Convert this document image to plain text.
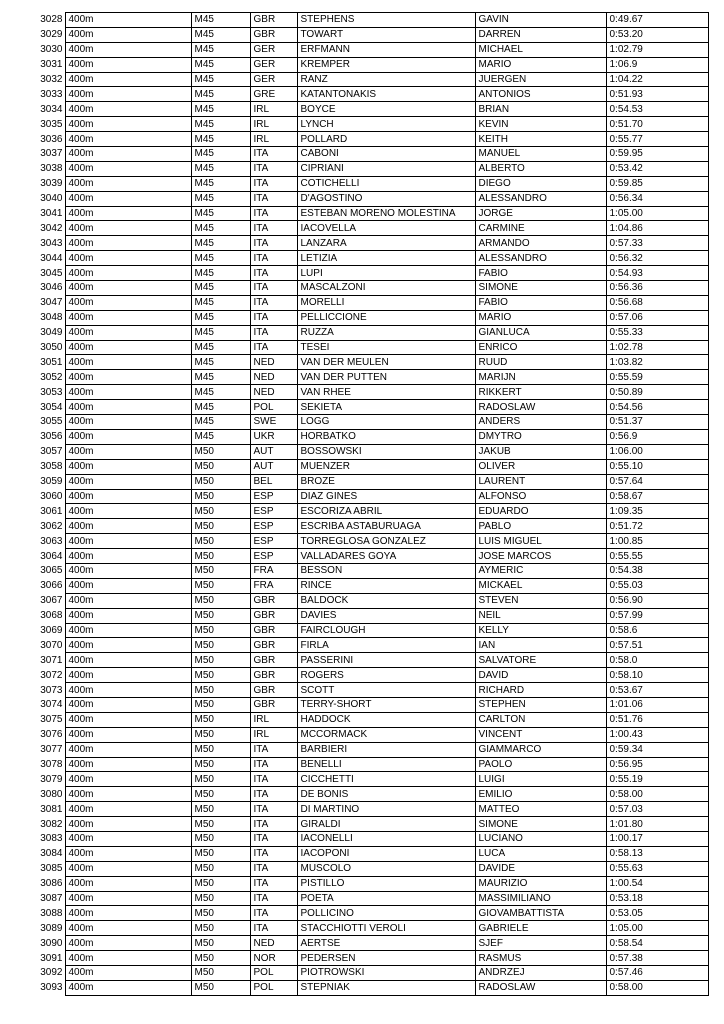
3028	400m	M45	GBR	STEPHENS	GAVIN	0:49.67
3029	400m	M45	GBR	TOWART	DARREN	0:53.20
3030	400m	M45	GER	ERFMANN	MICHAEL	1:02.79
3031	400m	M45	GER	KREMPER	MARIO	1:06.9
3032	400m	M45	GER	RANZ	JUERGEN	1:04.22
3033	400m	M45	GRE	KATANTONAKIS	ANTONIOS	0:51.93
3034	400m	M45	IRL	BOYCE	BRIAN	0:54.53
3035	400m	M45	IRL	LYNCH	KEVIN	0:51.70
3036	400m	M45	IRL	POLLARD	KEITH	0:55.77
3037	400m	M45	ITA	CABONI	MANUEL	0:59.95
3038	400m	M45	ITA	CIPRIANI	ALBERTO	0:53.42
3039	400m	M45	ITA	COTICHELLI	DIEGO	0:59.85
3040	400m	M45	ITA	D'AGOSTINO	ALESSANDRO	0:56.34
3041	400m	M45	ITA	ESTEBAN MORENO MOLESTINA	JORGE	1:05.00
3042	400m	M45	ITA	IACOVELLA	CARMINE	1:04.86
3043	400m	M45	ITA	LANZARA	ARMANDO	0:57.33
3044	400m	M45	ITA	LETIZIA	ALESSANDRO	0:56.32
3045	400m	M45	ITA	LUPI	FABIO	0:54.93
3046	400m	M45	ITA	MASCALZONI	SIMONE	0:56.36
3047	400m	M45	ITA	MORELLI	FABIO	0:56.68
3048	400m	M45	ITA	PELLICCIONE	MARIO	0:57.06
3049	400m	M45	ITA	RUZZA	GIANLUCA	0:55.33
3050	400m	M45	ITA	TESEI	ENRICO	1:02.78
3051	400m	M45	NED	VAN DER MEULEN	RUUD	1:03.82
3052	400m	M45	NED	VAN DER PUTTEN	MARIJN	0:55.59
3053	400m	M45	NED	VAN RHEE	RIKKERT	0:50.89
3054	400m	M45	POL	SEKIETA	RADOSLAW	0:54.56
3055	400m	M45	SWE	LOGG	ANDERS	0:51.37
3056	400m	M45	UKR	HORBATKO	DMYTRO	0:56.9
3057	400m	M50	AUT	BOSSOWSKI	JAKUB	1:06.00
3058	400m	M50	AUT	MUENZER	OLIVER	0:55.10
3059	400m	M50	BEL	BROZE	LAURENT	0:57.64
3060	400m	M50	ESP	DIAZ GINES	ALFONSO	0:58.67
3061	400m	M50	ESP	ESCORIZA ABRIL	EDUARDO	1:09.35
3062	400m	M50	ESP	ESCRIBA ASTABURUAGA	PABLO	0:51.72
3063	400m	M50	ESP	TORREGLOSA GONZALEZ	LUIS MIGUEL	1:00.85
3064	400m	M50	ESP	VALLADARES GOYA	JOSE MARCOS	0:55.55
3065	400m	M50	FRA	BESSON	AYMERIC	0:54.38
3066	400m	M50	FRA	RINCE	MICKAEL	0:55.03
3067	400m	M50	GBR	BALDOCK	STEVEN	0:56.90
3068	400m	M50	GBR	DAVIES	NEIL	0:57.99
3069	400m	M50	GBR	FAIRCLOUGH	KELLY	0:58.6
3070	400m	M50	GBR	FIRLA	IAN	0:57.51
3071	400m	M50	GBR	PASSERINI	SALVATORE	0:58.0
3072	400m	M50	GBR	ROGERS	DAVID	0:58.10
3073	400m	M50	GBR	SCOTT	RICHARD	0:53.67
3074	400m	M50	GBR	TERRY-SHORT	STEPHEN	1:01.06
3075	400m	M50	IRL	HADDOCK	CARLTON	0:51.76
3076	400m	M50	IRL	MCCORMACK	VINCENT	1:00.43
3077	400m	M50	ITA	BARBIERI	GIAMMARCO	0:59.34
3078	400m	M50	ITA	BENELLI	PAOLO	0:56.95
3079	400m	M50	ITA	CICCHETTI	LUIGI	0:55.19
3080	400m	M50	ITA	DE BONIS	EMILIO	0:58.00
3081	400m	M50	ITA	DI MARTINO	MATTEO	0:57.03
3082	400m	M50	ITA	GIRALDI	SIMONE	1:01.80
3083	400m	M50	ITA	IACONELLI	LUCIANO	1:00.17
3084	400m	M50	ITA	IACOPONI	LUCA	0:58.13
3085	400m	M50	ITA	MUSCOLO	DAVIDE	0:55.63
3086	400m	M50	ITA	PISTILLO	MAURIZIO	1:00.54
3087	400m	M50	ITA	POETA	MASSIMILIANO	0:53.18
3088	400m	M50	ITA	POLLICINO	GIOVAMBATTISTA	0:53.05
3089	400m	M50	ITA	STACCHIOTTI VEROLI	GABRIELE	1:05.00
3090	400m	M50	NED	AERTSE	SJEF	0:58.54
3091	400m	M50	NOR	PEDERSEN	RASMUS	0:57.38
3092	400m	M50	POL	PIOTROWSKI	ANDRZEJ	0:57.46
3093	400m	M50	POL	STEPNIAK	RADOSLAW	0:58.00
